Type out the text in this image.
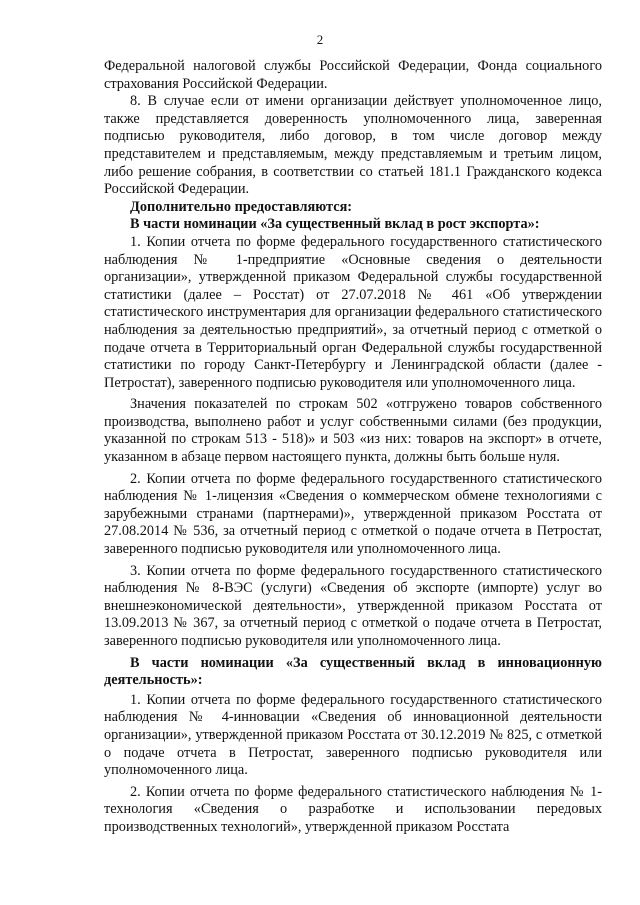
2

Федеральной налоговой службы Российской Федерации, Фонда социального страхования Российской Федерации.

8. В случае если от имени организации действует уполномоченное лицо, также представляется доверенность уполномоченного лица, заверенная подписью руководителя, либо договор, в том числе договор между представителем и представляемым, между представляемым и третьим лицом, либо решение собрания, в соответствии со статьей 181.1 Гражданского кодекса Российской Федерации.

Дополнительно предоставляются:

В части номинации «За существенный вклад в рост экспорта»:

1. Копии отчета по форме федерального государственного статистического наблюдения № 1-предприятие «Основные сведения о деятельности организации», утвержденной приказом Федеральной службы государственной статистики (далее – Росстат) от 27.07.2018 № 461 «Об утверждении статистического инструментария для организации федерального статистического наблюдения за деятельностью предприятий», за отчетный период с отметкой о подаче отчета в Территориальный орган Федеральной службы государственной статистики по городу Санкт-Петербургу и Ленинградской области (далее - Петростат), заверенного подписью руководителя или уполномоченного лица.

Значения показателей по строкам 502 «отгружено товаров собственного производства, выполнено работ и услуг собственными силами (без продукции, указанной по строкам 513 - 518)» и 503 «из них: товаров на экспорт» в отчете, указанном в абзаце первом настоящего пункта, должны быть больше нуля.

2. Копии отчета по форме федерального государственного статистического наблюдения № 1-лицензия «Сведения о коммерческом обмене технологиями с зарубежными странами (партнерами)», утвержденной приказом Росстата от 27.08.2014 № 536, за отчетный период с отметкой о подаче отчета в Петростат, заверенного подписью руководителя или уполномоченного лица.

3. Копии отчета по форме федерального государственного статистического наблюдения № 8-ВЭС (услуги) «Сведения об экспорте (импорте) услуг во внешнеэкономической деятельности», утвержденной приказом Росстата от 13.09.2013 № 367, за отчетный период с отметкой о подаче отчета в Петростат, заверенного подписью руководителя или уполномоченного лица.

В части номинации «За существенный вклад в инновационную деятельность»:

1. Копии отчета по форме федерального государственного статистического наблюдения № 4-инновации «Сведения об инновационной деятельности организации», утвержденной приказом Росстата от 30.12.2019 № 825, с отметкой о подаче отчета в Петростат, заверенного подписью руководителя или уполномоченного лица.

2. Копии отчета по форме федерального статистического наблюдения № 1-технология «Сведения о разработке и использовании передовых производственных технологий», утвержденной приказом Росстата
